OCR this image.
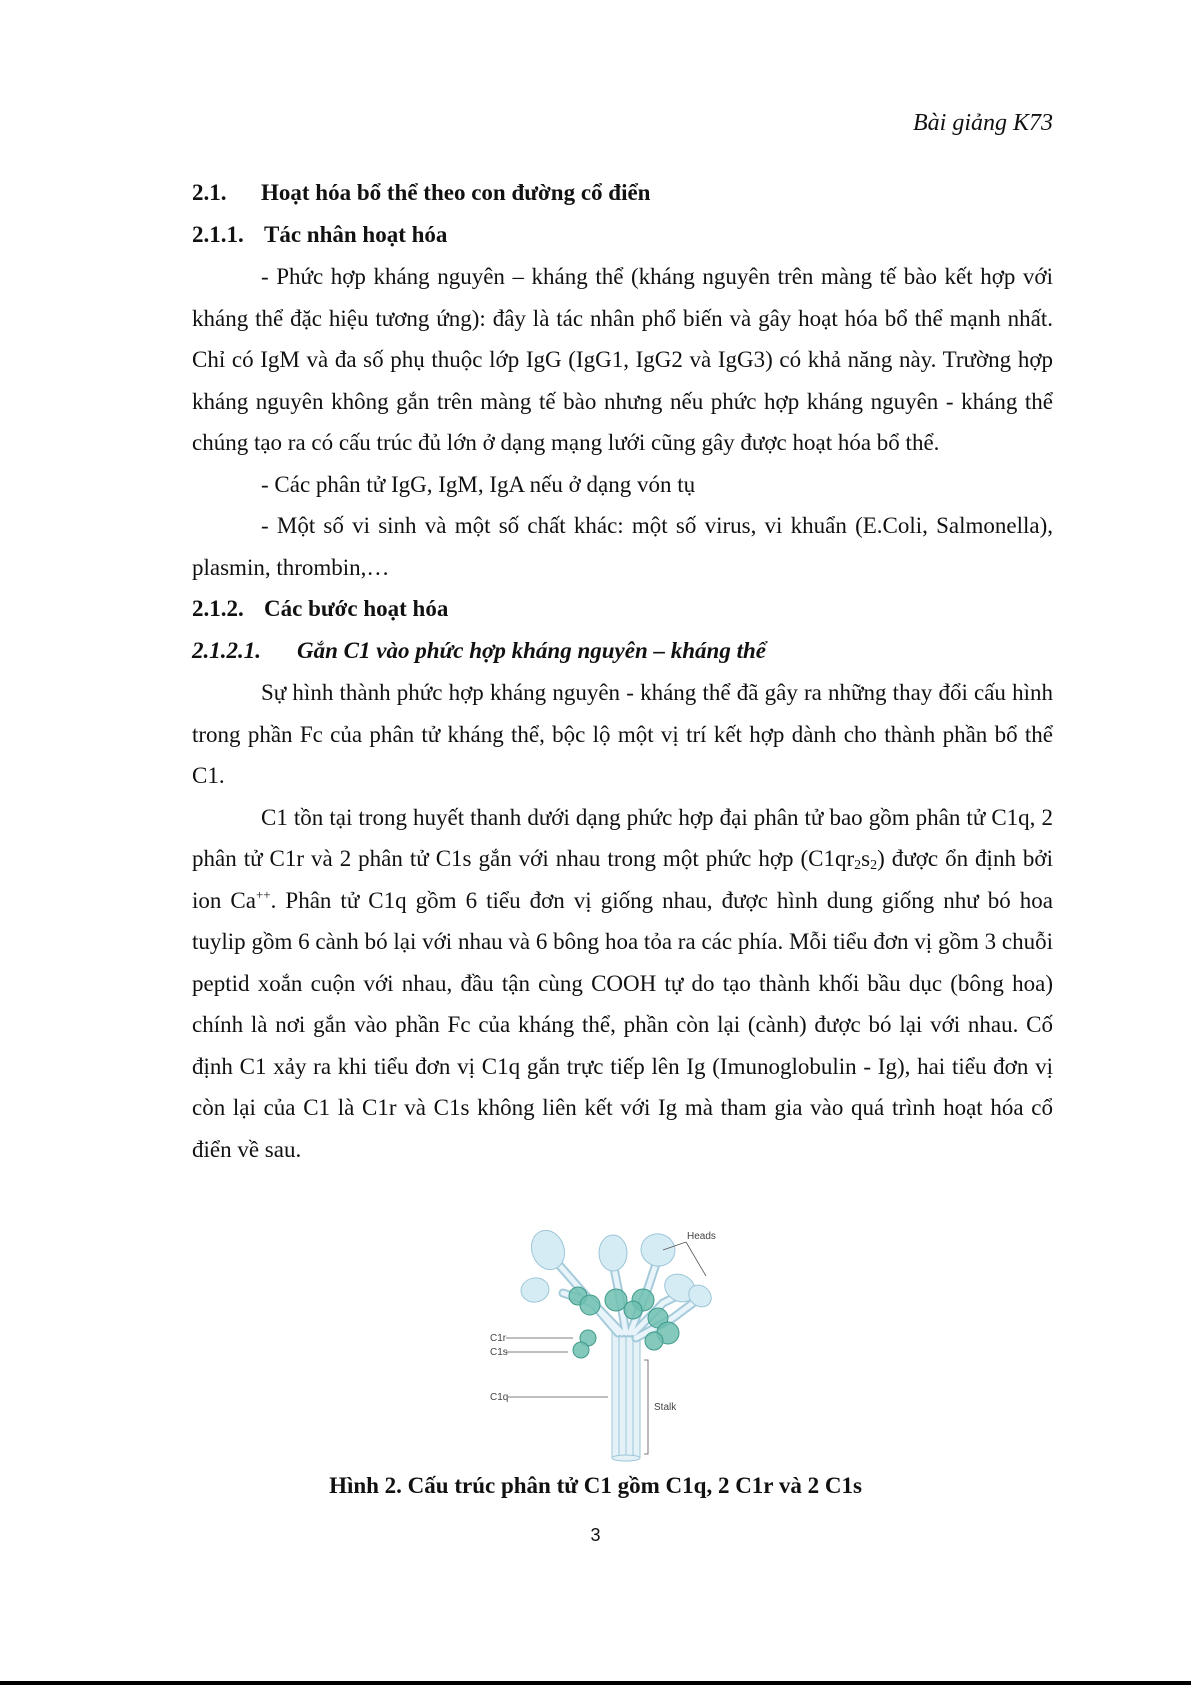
Bài giảng K73
2.1. Hoạt hóa bổ thể theo con đường cổ điển
2.1.1. Tác nhân hoạt hóa

- Phức hợp kháng nguyên – kháng thể (kháng nguyên trên màng tế bào kết hợp với kháng thể đặc hiệu tương ứng): đây là tác nhân phổ biến và gây hoạt hóa bổ thể mạnh nhất. Chỉ có IgM và đa số phụ thuộc lớp IgG (IgG1, IgG2 và IgG3) có khả năng này. Trường hợp kháng nguyên không gắn trên màng tế bào nhưng nếu phức hợp kháng nguyên - kháng thể chúng tạo ra có cấu trúc đủ lớn ở dạng mạng lưới cũng gây được hoạt hóa bổ thể.

- Các phân tử IgG, IgM, IgA nếu ở dạng vón tụ

- Một số vi sinh và một số chất khác: một số virus, vi khuẩn (E.Coli, Salmonella), plasmin, thrombin,…

2.1.2. Các bước hoạt hóa
2.1.2.1. Gắn C1 vào phức hợp kháng nguyên – kháng thể

Sự hình thành phức hợp kháng nguyên - kháng thể đã gây ra những thay đổi cấu hình trong phần Fc của phân tử kháng thể, bộc lộ một vị trí kết hợp dành cho thành phần bổ thể C1.

C1 tồn tại trong huyết thanh dưới dạng phức hợp đại phân tử bao gồm phân tử C1q, 2 phân tử C1r và 2 phân tử C1s gắn với nhau trong một phức hợp $(C1qr_2s_2)$ được ổn định bởi ion Ca++. Phân tử C1q gồm 6 tiểu đơn vị giống nhau, được hình dung giống như bó hoa tuylip gồm 6 cành bó lại với nhau và 6 bông hoa tỏa ra các phía. Mỗi tiểu đơn vị gồm 3 chuỗi peptid xoắn cuộn với nhau, đầu tận cùng COOH tự do tạo thành khối bầu dục (bông hoa) chính là nơi gắn vào phần Fc của kháng thể, phần còn lại (cành) được bó lại với nhau. Cố định C1 xảy ra khi tiểu đơn vị C1q gắn trực tiếp lên Ig (Imunoglobulin - Ig), hai tiểu đơn vị còn lại của C1 là C1r và C1s không liên kết với Ig mà tham gia vào quá trình hoạt hóa cổ điển về sau.

Heads
C1r
C1s
C1q
Stalk
Hình 2. Cấu trúc phân tử C1 gồm C1q, 2 C1r và 2 C1s
3
